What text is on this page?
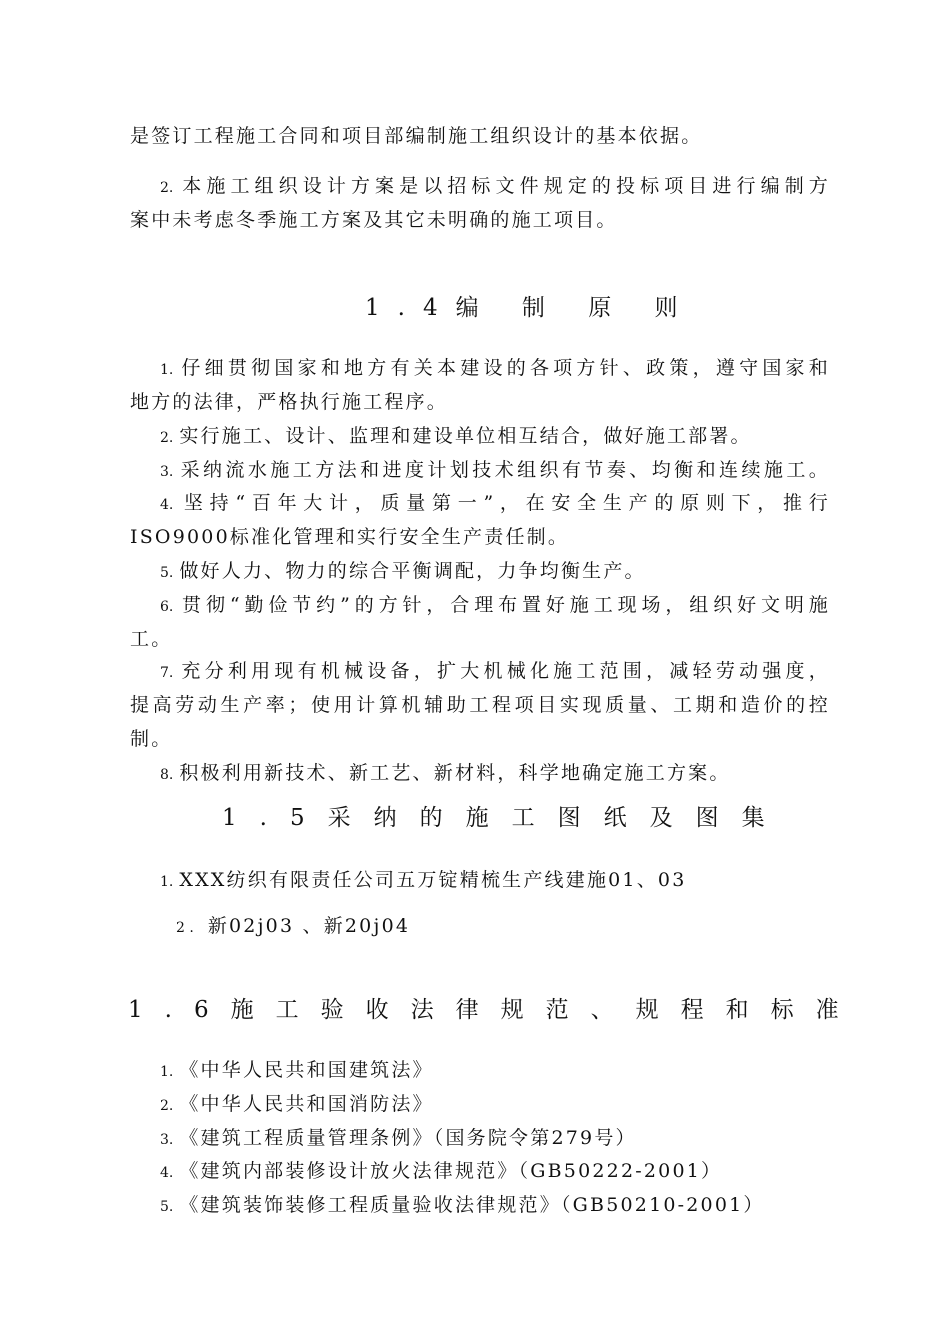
是签订工程施工合同和项目部编制施工组织设计的基本依据。
2. 本施工组织设计方案是以招标文件规定的投标项目进行编制方
案中未考虑冬季施工方案及其它未明确的施工项目。
1.4编 制 原 则
1. 仔细贯彻国家和地方有关本建设的各项方针、政策，遵守国家和
地方的法律，严格执行施工程序。
2. 实行施工、设计、监理和建设单位相互结合，做好施工部署。
3. 采纳流水施工方法和进度计划技术组织有节奏、均衡和连续施工。
4. 坚持“百年大计，质量第一”，在安全生产的原则下，推行
ISO9000标准化管理和实行安全生产责任制。
5. 做好人力、物力的综合平衡调配，力争均衡生产。
6. 贯彻“勤俭节约”的方针，合理布置好施工现场，组织好文明施
工。
7. 充分利用现有机械设备，扩大机械化施工范围，减轻劳动强度，
提高劳动生产率；使用计算机辅助工程项目实现质量、工期和造价的控
制。
8. 积极利用新技术、新工艺、新材料，科学地确定施工方案。
1.5采纳的施工图纸及图集
1. XXX纺织有限责任公司五万锭精梳生产线建施01、03
2 . 新02j03 、新20j04
1.6施工验收法律规范、规程和标准
1. 《中华人民共和国建筑法》
2. 《中华人民共和国消防法》
3. 《建筑工程质量管理条例》（国务院令第279号）
4. 《建筑内部装修设计放火法律规范》（GB50222-2001）
5. 《建筑装饰装修工程质量验收法律规范》（GB50210-2001）
